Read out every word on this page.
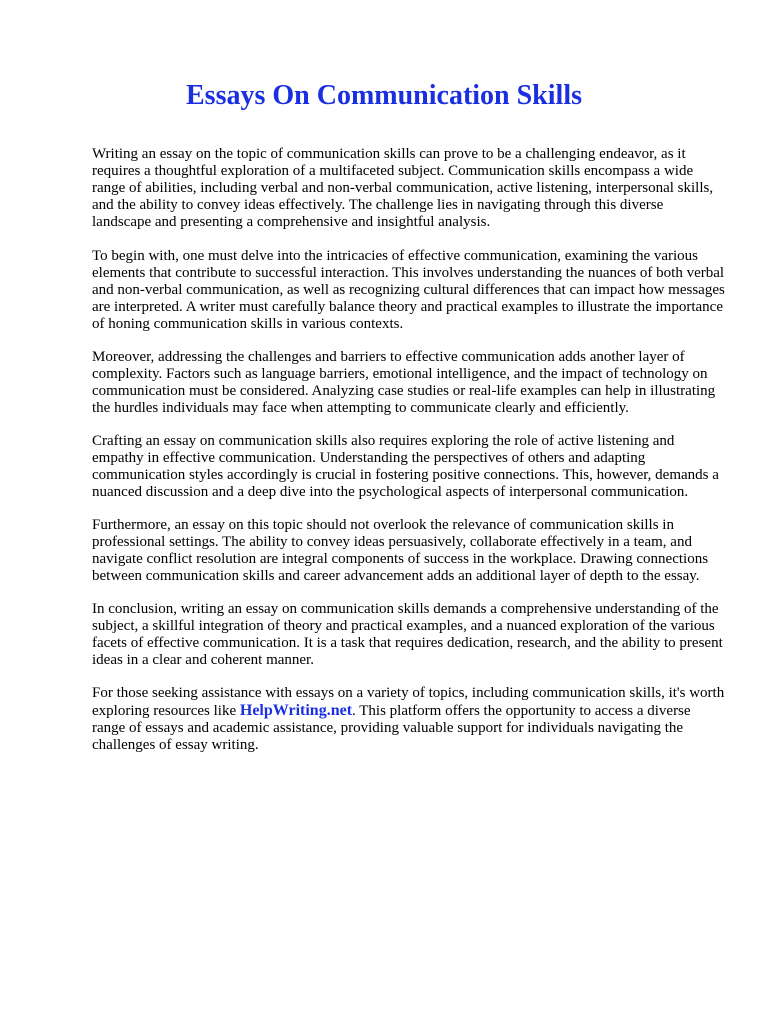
Essays On Communication Skills

Writing an essay on the topic of communication skills can prove to be a challenging endeavor, as it requires a thoughtful exploration of a multifaceted subject. Communication skills encompass a wide range of abilities, including verbal and non-verbal communication, active listening, interpersonal skills, and the ability to convey ideas effectively. The challenge lies in navigating through this diverse landscape and presenting a comprehensive and insightful analysis.

To begin with, one must delve into the intricacies of effective communication, examining the various elements that contribute to successful interaction. This involves understanding the nuances of both verbal and non-verbal communication, as well as recognizing cultural differences that can impact how messages are interpreted. A writer must carefully balance theory and practical examples to illustrate the importance of honing communication skills in various contexts.

Moreover, addressing the challenges and barriers to effective communication adds another layer of complexity. Factors such as language barriers, emotional intelligence, and the impact of technology on communication must be considered. Analyzing case studies or real-life examples can help in illustrating the hurdles individuals may face when attempting to communicate clearly and efficiently.

Crafting an essay on communication skills also requires exploring the role of active listening and empathy in effective communication. Understanding the perspectives of others and adapting communication styles accordingly is crucial in fostering positive connections. This, however, demands a nuanced discussion and a deep dive into the psychological aspects of interpersonal communication.

Furthermore, an essay on this topic should not overlook the relevance of communication skills in professional settings. The ability to convey ideas persuasively, collaborate effectively in a team, and navigate conflict resolution are integral components of success in the workplace. Drawing connections between communication skills and career advancement adds an additional layer of depth to the essay.

In conclusion, writing an essay on communication skills demands a comprehensive understanding of the subject, a skillful integration of theory and practical examples, and a nuanced exploration of the various facets of effective communication. It is a task that requires dedication, research, and the ability to present ideas in a clear and coherent manner.

For those seeking assistance with essays on a variety of topics, including communication skills, it's worth exploring resources like HelpWriting.net. This platform offers the opportunity to access a diverse range of essays and academic assistance, providing valuable support for individuals navigating the challenges of essay writing.
